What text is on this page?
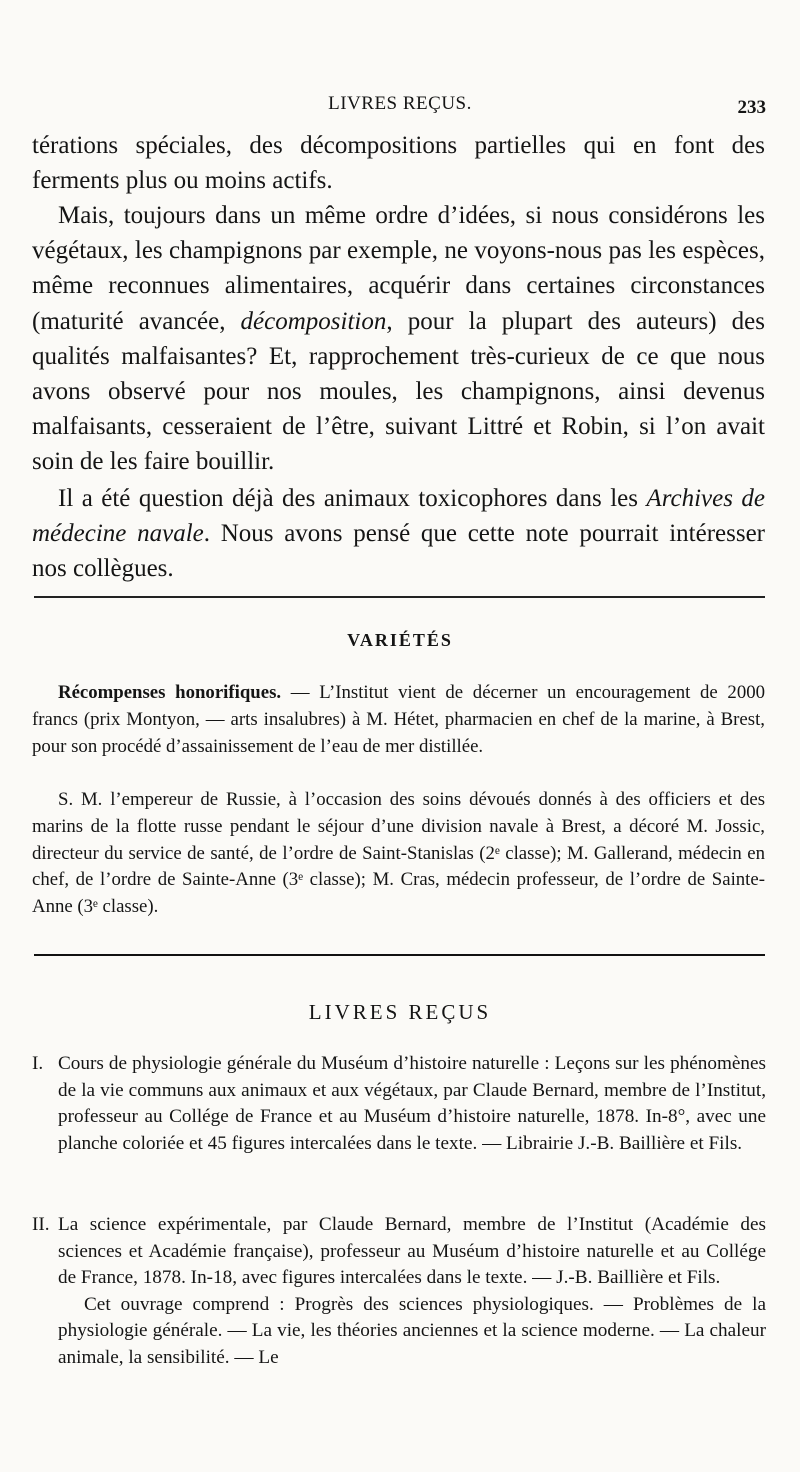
LIVRES REÇUS.	233

térations spéciales, des décompositions partielles qui en font des ferments plus ou moins actifs.

Mais, toujours dans un même ordre d’idées, si nous considérons les végétaux, les champignons par exemple, ne voyons-nous pas les espèces, même reconnues alimentaires, acquérir dans certaines circonstances (maturité avancée, décomposition, pour la plupart des auteurs) des qualités malfaisantes? Et, rapprochement très-curieux de ce que nous avons observé pour nos moules, les champignons, ainsi devenus malfaisants, cesseraient de l’être, suivant Littré et Robin, si l’on avait soin de les faire bouillir.

Il a été question déjà des animaux toxicophores dans les Archives de médecine navale. Nous avons pensé que cette note pourrait intéresser nos collègues.

VARIÉTÉS

Récompenses honorifiques. — L’Institut vient de décerner un encouragement de 2000 francs (prix Montyon, — arts insalubres) à M. Hétet, pharmacien en chef de la marine, à Brest, pour son procédé d’assainissement de l’eau de mer distillée.

S. M. l’empereur de Russie, à l’occasion des soins dévoués donnés à des officiers et des marins de la flotte russe pendant le séjour d’une division navale à Brest, a décoré M. Jossic, directeur du service de santé, de l’ordre de Saint-Stanislas (2ᵉ classe); M. Gallerand, médecin en chef, de l’ordre de Sainte-Anne (3ᵉ classe); M. Cras, médecin professeur, de l’ordre de Sainte-Anne (3ᵉ classe).

LIVRES REÇUS
I. Cours de physiologie générale du Muséum d’histoire naturelle : Leçons sur les phénomènes de la vie communs aux animaux et aux végétaux, par Claude Bernard, membre de l’Institut, professeur au Collége de France et au Muséum d’histoire naturelle, 1878. In-8°, avec une planche coloriée et 45 figures intercalées dans le texte. — Librairie J.-B. Baillière et Fils.
II. La science expérimentale, par Claude Bernard, membre de l’Institut (Académie des sciences et Académie française), professeur au Muséum d’histoire naturelle et au Collége de France, 1878. In-18, avec figures intercalées dans le texte. — J.-B. Baillière et Fils.
Cet ouvrage comprend : Progrès des sciences physiologiques. — Problèmes de la physiologie générale. — La vie, les théories anciennes et la science moderne. — La chaleur animale, la sensibilité. — Le
